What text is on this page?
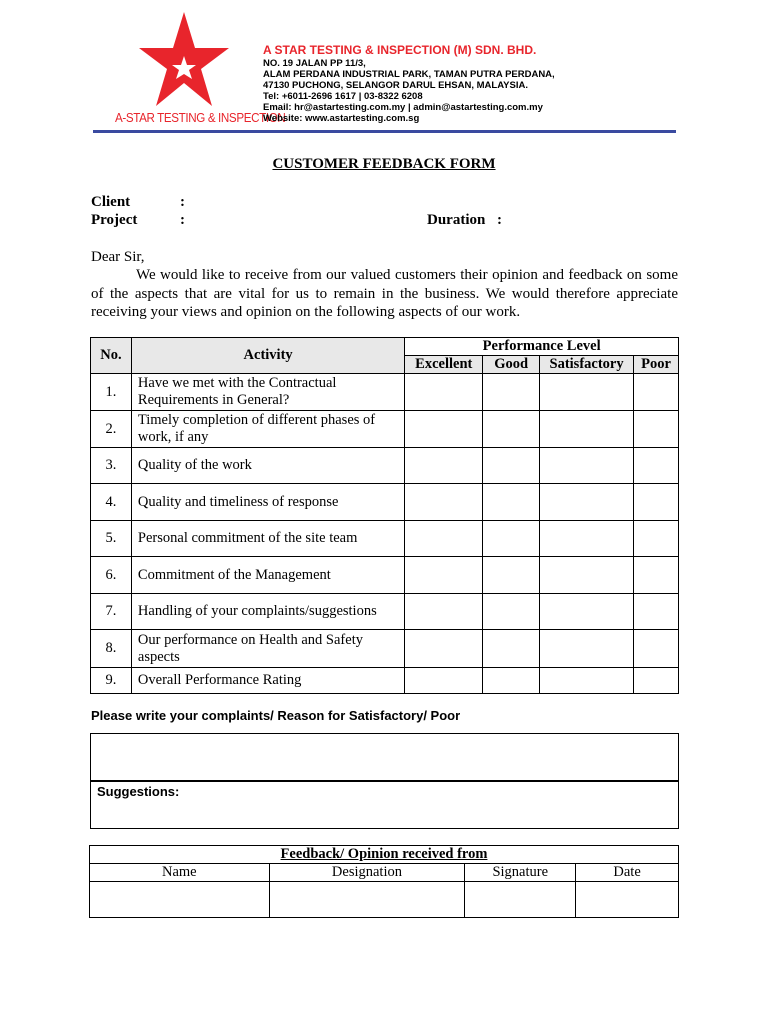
A-STAR TESTING & INSPECTION
A STAR TESTING & INSPECTION (M) SDN. BHD.
NO. 19 JALAN PP 11/3,
ALAM PERDANA INDUSTRIAL PARK, TAMAN PUTRA PERDANA,
47130 PUCHONG, SELANGOR DARUL EHSAN, MALAYSIA.
Tel: +6011-2696 1617 | 03-8322 6208
Email: hr@astartesting.com.my | admin@astartesting.com.my
Website: www.astartesting.com.sg
CUSTOMER FEEDBACK FORM
Client	:
Project	:	Duration :
Dear Sir,
We would like to receive from our valued customers their opinion and feedback on some of the aspects that are vital for us to remain in the business. We would therefore appreciate receiving your views and opinion on the following aspects of our work.
No.	Activity	Performance Level			
		Excellent	Good	Satisfactory	Poor
1.	Have we met with the Contractual Requirements in General?				
2.	Timely completion of different phases of work, if any				
3.	Quality of the work				
4.	Quality and timeliness of response				
5.	Personal commitment of the site team				
6.	Commitment of the Management				
7.	Handling of your complaints/suggestions				
8.	Our performance on Health and Safety aspects				
9.	Overall Performance Rating				
Please write your complaints/ Reason for Satisfactory/ Poor
Suggestions:
Feedback/ Opinion received from			
Name	Designation	Signature	Date
